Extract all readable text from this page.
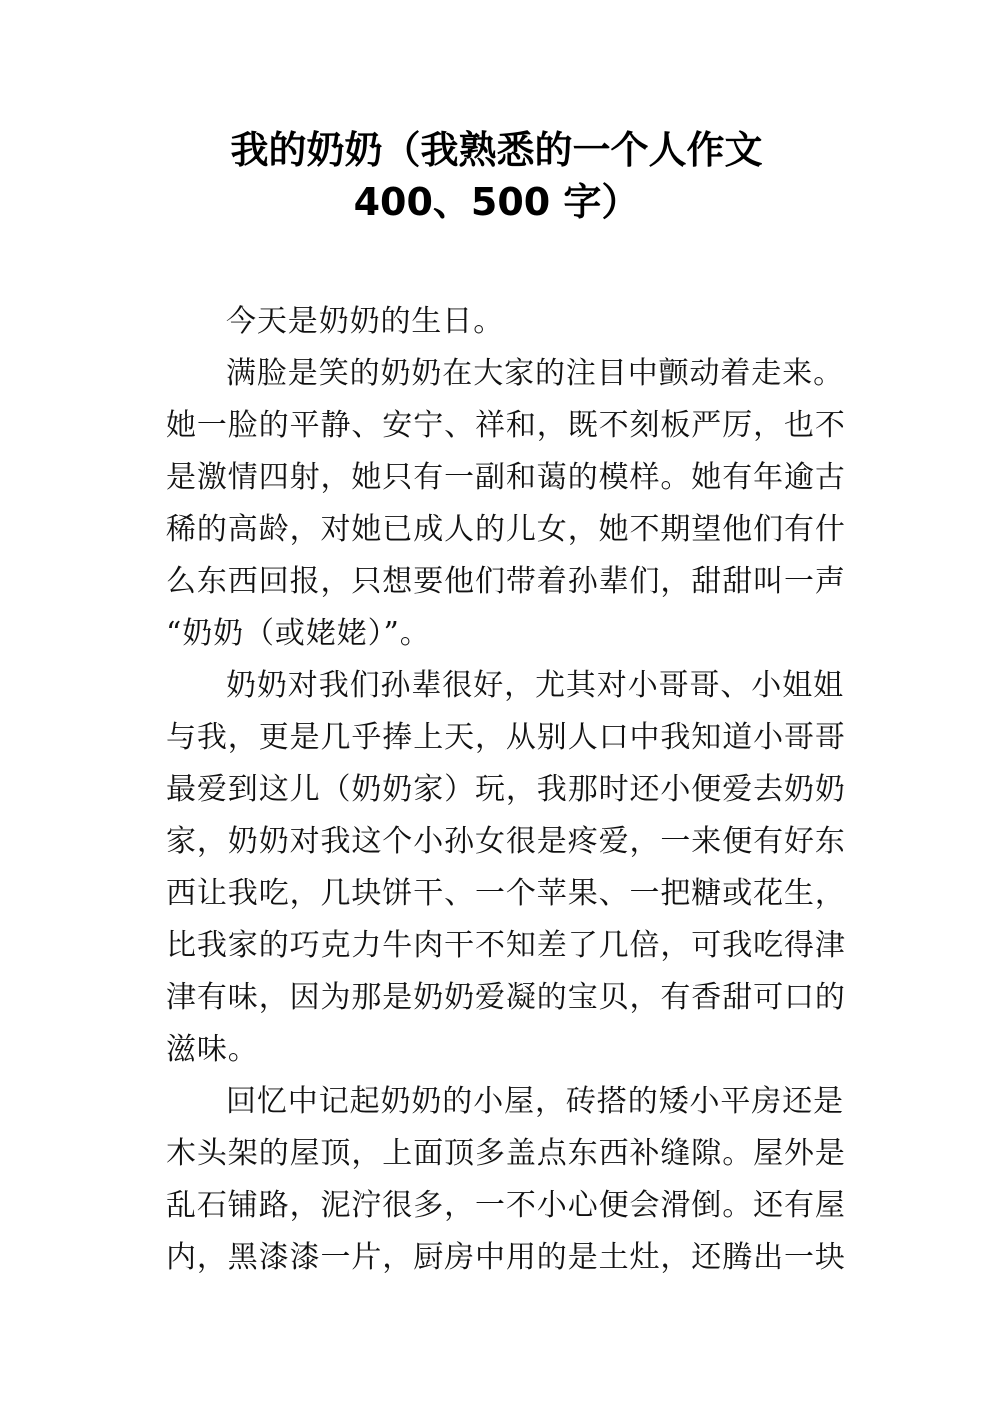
我的奶奶（我熟悉的一个人作文
400、500 字）
今天是奶奶的生日。
满脸是笑的奶奶在大家的注目中颤动着走来。
她一脸的平静、安宁、祥和，既不刻板严厉，也不
是激情四射，她只有一副和蔼的模样。她有年逾古
稀的高龄，对她已成人的儿女，她不期望他们有什
么东西回报，只想要他们带着孙辈们，甜甜叫一声
“奶奶（或姥姥）”。
奶奶对我们孙辈很好，尤其对小哥哥、小姐姐
与我，更是几乎捧上天，从别人口中我知道小哥哥
最爱到这儿（奶奶家）玩，我那时还小便爱去奶奶
家，奶奶对我这个小孙女很是疼爱，一来便有好东
西让我吃，几块饼干、一个苹果、一把糖或花生，
比我家的巧克力牛肉干不知差了几倍，可我吃得津
津有味，因为那是奶奶爱凝的宝贝，有香甜可口的
滋味。
回忆中记起奶奶的小屋，砖搭的矮小平房还是
木头架的屋顶，上面顶多盖点东西补缝隙。屋外是
乱石铺路，泥泞很多，一不小心便会滑倒。还有屋
内，黑漆漆一片，厨房中用的是土灶，还腾出一块
